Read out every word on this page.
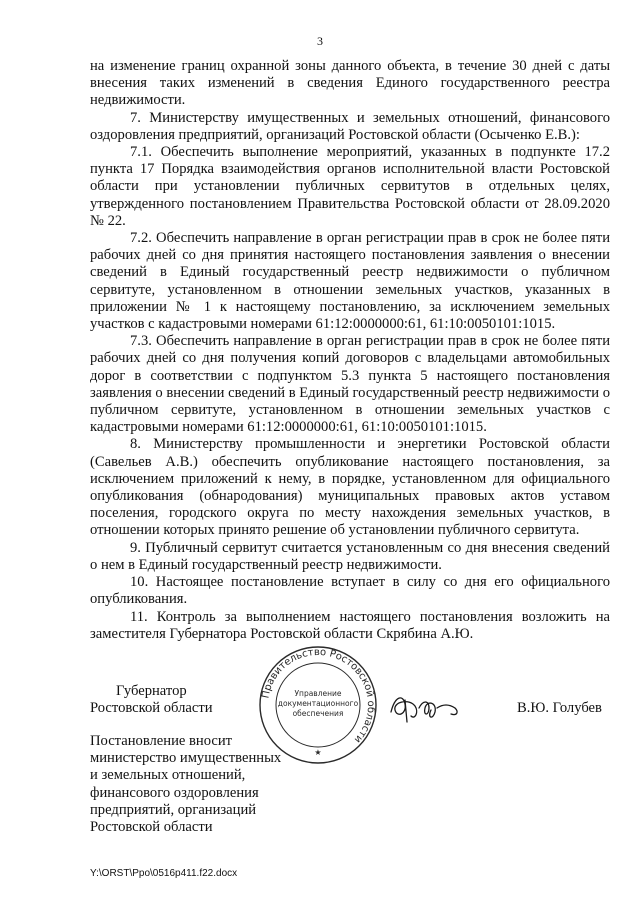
3

на изменение границ охранной зоны данного объекта, в течение 30 дней с даты внесения таких изменений в сведения Единого государственного реестра недвижимости.

7. Министерству имущественных и земельных отношений, финансового оздоровления предприятий, организаций Ростовской области (Осыченко Е.В.):

7.1. Обеспечить выполнение мероприятий, указанных в подпункте 17.2 пункта 17 Порядка взаимодействия органов исполнительной власти Ростовской области при установлении публичных сервитутов в отдельных целях, утвержденного постановлением Правительства Ростовской области от 28.09.2020 № 22.

7.2. Обеспечить направление в орган регистрации прав в срок не более пяти рабочих дней со дня принятия настоящего постановления заявления о внесении сведений в Единый государственный реестр недвижимости о публичном сервитуте, установленном в отношении земельных участков, указанных в приложении № 1 к настоящему постановлению, за исключением земельных участков с кадастровыми номерами 61:12:0000000:61, 61:10:0050101:1015.

7.3. Обеспечить направление в орган регистрации прав в срок не более пяти рабочих дней со дня получения копий договоров с владельцами автомобильных дорог в соответствии с подпунктом 5.3 пункта 5 настоящего постановления заявления о внесении сведений в Единый государственный реестр недвижимости о публичном сервитуте, установленном в отношении земельных участков с кадастровыми номерами 61:12:0000000:61, 61:10:0050101:1015.

8. Министерству промышленности и энергетики Ростовской области (Савельев А.В.) обеспечить опубликование настоящего постановления, за исключением приложений к нему, в порядке, установленном для официального опубликования (обнародования) муниципальных правовых актов уставом поселения, городского округа по месту нахождения земельных участков, в отношении которых принято решение об установлении публичного сервитута.

9. Публичный сервитут считается установленным со дня внесения сведений о нем в Единый государственный реестр недвижимости.

10. Настоящее постановление вступает в силу со дня его официального опубликования.

11. Контроль за выполнением настоящего постановления возложить на заместителя Губернатора Ростовской области Скрябина А.Ю.

Губернатор
Ростовской области
Правительство Ростовской области
Управление
документационного
обеспечения
★
В.Ю. Голубев
Постановление вносит
министерство имущественных
и земельных отношений,
финансового оздоровления
предприятий, организаций
Ростовской области
Y:\ORST\Ppo\0516p411.f22.docx
